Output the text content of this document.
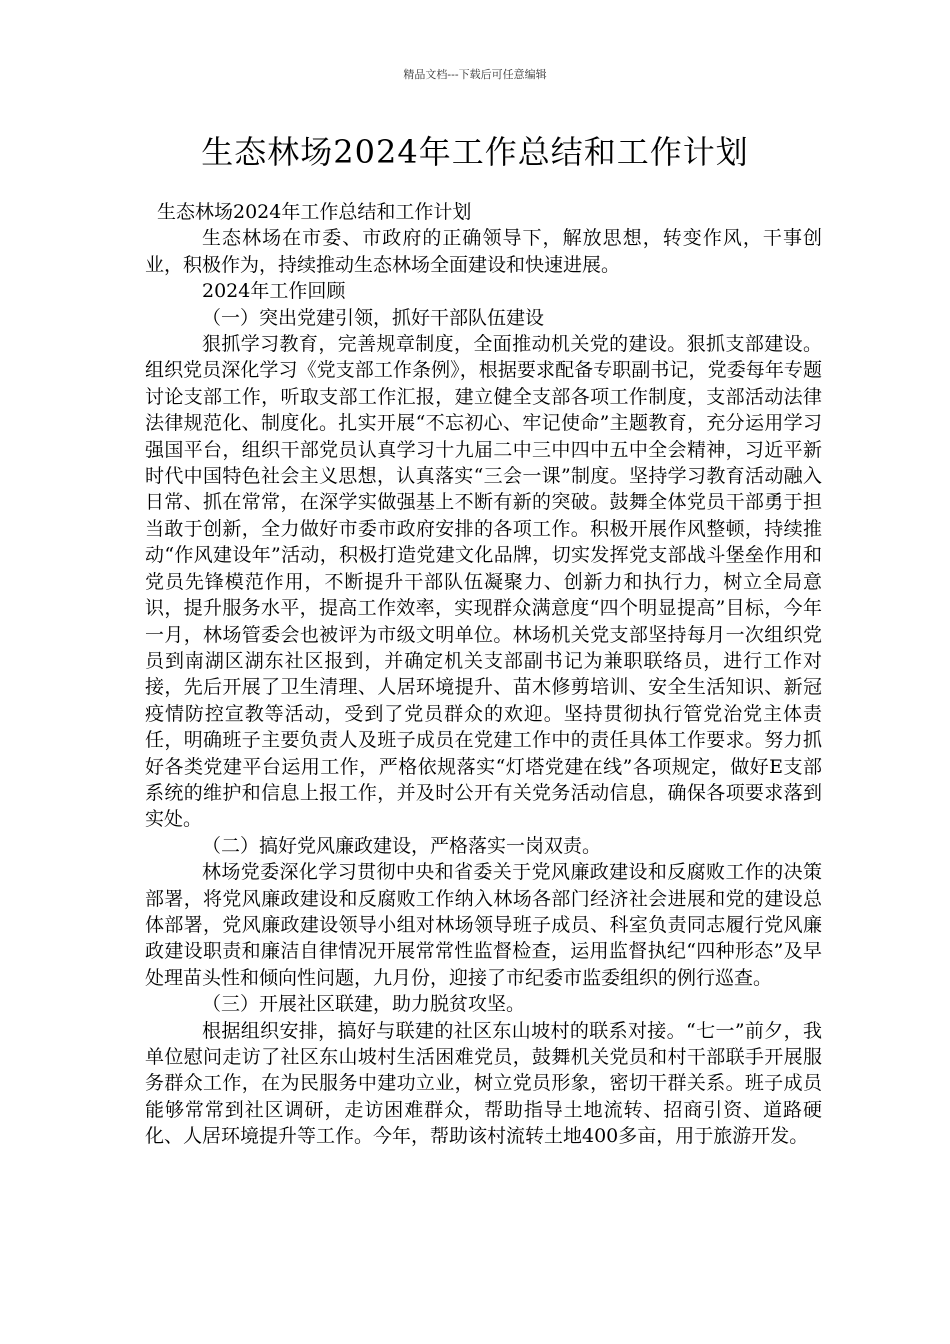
精品文档---下载后可任意编辑
生态林场2024年工作总结和工作计划

生态林场2024年工作总结和工作计划

生态林场在市委、市政府的正确领导下，解放思想，转变作风，干事创业，积极作为，持续推动生态林场全面建设和快速进展。

2024年工作回顾

（一）突出党建引领，抓好干部队伍建设

狠抓学习教育，完善规章制度，全面推动机关党的建设。狠抓支部建设。组织党员深化学习《党支部工作条例》，根据要求配备专职副书记，党委每年专题讨论支部工作，听取支部工作汇报，建立健全支部各项工作制度，支部活动法律法律规范化、制度化。扎实开展“不忘初心、牢记使命”主题教育，充分运用学习强国平台，组织干部党员认真学习十九届二中三中四中五中全会精神，习近平新时代中国特色社会主义思想，认真落实“三会一课”制度。坚持学习教育活动融入日常、抓在常常，在深学实做强基上不断有新的突破。鼓舞全体党员干部勇于担当敢于创新，全力做好市委市政府安排的各项工作。积极开展作风整顿，持续推动“作风建设年”活动，积极打造党建文化品牌，切实发挥党支部战斗堡垒作用和党员先锋模范作用，不断提升干部队伍凝聚力、创新力和执行力，树立全局意识，提升服务水平，提高工作效率，实现群众满意度“四个明显提高”目标，今年一月，林场管委会也被评为市级文明单位。林场机关党支部坚持每月一次组织党员到南湖区湖东社区报到，并确定机关支部副书记为兼职联络员，进行工作对接，先后开展了卫生清理、人居环境提升、苗木修剪培训、安全生活知识、新冠疫情防控宣教等活动，受到了党员群众的欢迎。坚持贯彻执行管党治党主体责任，明确班子主要负责人及班子成员在党建工作中的责任具体工作要求。努力抓好各类党建平台运用工作，严格依规落实“灯塔党建在线”各项规定，做好E支部系统的维护和信息上报工作，并及时公开有关党务活动信息，确保各项要求落到实处。

（二）搞好党风廉政建设，严格落实一岗双责。

林场党委深化学习贯彻中央和省委关于党风廉政建设和反腐败工作的决策部署，将党风廉政建设和反腐败工作纳入林场各部门经济社会进展和党的建设总体部署，党风廉政建设领导小组对林场领导班子成员、科室负责同志履行党风廉政建设职责和廉洁自律情况开展常常性监督检查，运用监督执纪“四种形态”及早处理苗头性和倾向性问题，九月份，迎接了市纪委市监委组织的例行巡查。

（三）开展社区联建，助力脱贫攻坚。

根据组织安排，搞好与联建的社区东山坡村的联系对接。“七一”前夕，我单位慰问走访了社区东山坡村生活困难党员，鼓舞机关党员和村干部联手开展服务群众工作，在为民服务中建功立业，树立党员形象，密切干群关系。班子成员能够常常到社区调研，走访困难群众，帮助指导土地流转、招商引资、道路硬化、人居环境提升等工作。今年，帮助该村流转土地400多亩，用于旅游开发。
